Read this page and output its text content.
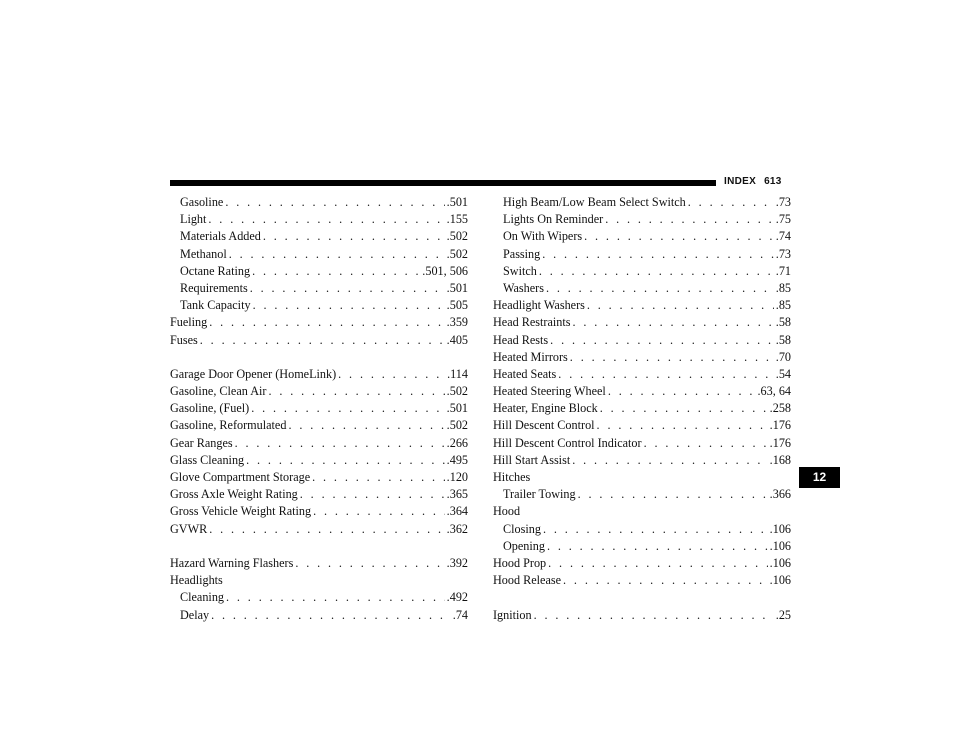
INDEX 613
12
Gasoline . . .	.501
Light . . .	.155
Materials Added . . .	.502
Methanol . . .	.502
Octane Rating . . .	.501, 506
Requirements . . .	.501
Tank Capacity . . .	.505
Fueling . . .	.359
Fuses . . .	.405
Garage Door Opener (HomeLink) . . .	.114
Gasoline, Clean Air . . .	.502
Gasoline, (Fuel) . . .	.501
Gasoline, Reformulated . . .	.502
Gear Ranges . . .	.266
Glass Cleaning . . .	.495
Glove Compartment Storage . . .	.120
Gross Axle Weight Rating . . .	.365
Gross Vehicle Weight Rating . . .	.364
GVWR . . .	.362
Hazard Warning Flashers . . .	.392
Headlights
Cleaning . . .	.492
Delay . . .	.74
High Beam/Low Beam Select Switch . . .	.73
Lights On Reminder . . .	.75
On With Wipers . . .	.74
Passing . . .	.73
Switch . . .	.71
Washers . . .	.85
Headlight Washers . . .	.85
Head Restraints . . .	.58
Head Rests . . .	.58
Heated Mirrors . . .	.70
Heated Seats . . .	.54
Heated Steering Wheel . . .	.63, 64
Heater, Engine Block . . .	.258
Hill Descent Control . . .	.176
Hill Descent Control Indicator . . .	.176
Hill Start Assist . . .	.168
Hitches
Trailer Towing . . .	.366
Hood
Closing . . .	.106
Opening . . .	.106
Hood Prop . . .	.106
Hood Release . . .	.106
Ignition . . .	.25
